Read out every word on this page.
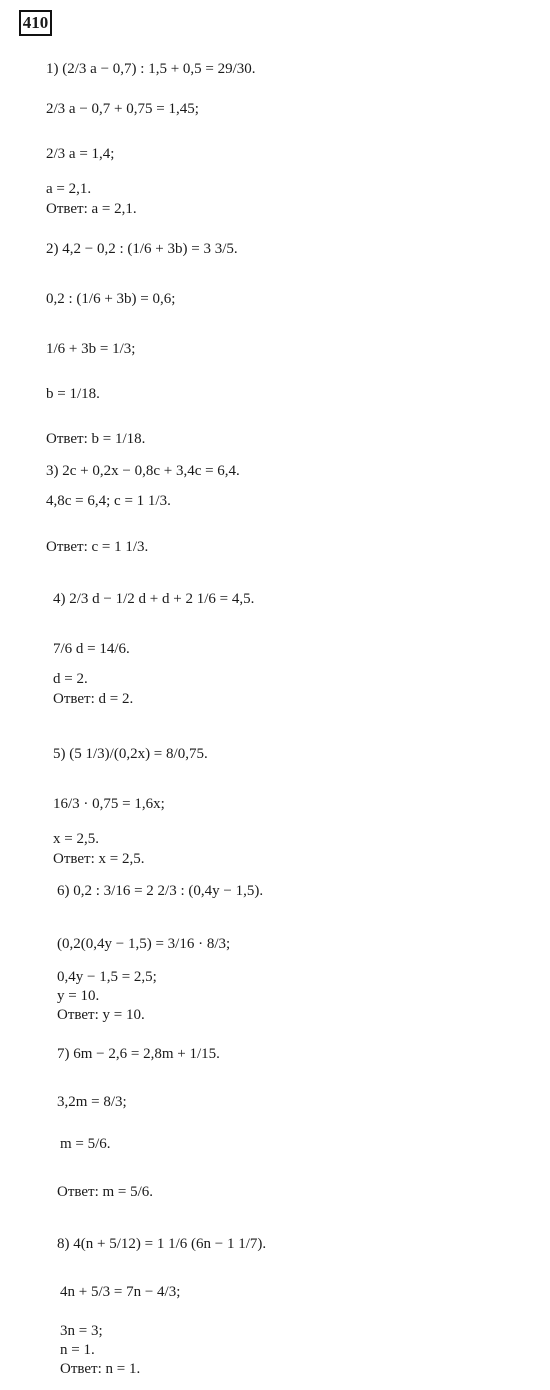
410
1) (2/3 a − 0,7) : 1,5 + 0,5 = 29/30.
2/3 a − 0,7 + 0,75 = 1,45;
2/3 a = 1,4;
a = 2,1.
Ответ: a = 2,1.
2) 4,2 − 0,2 : (1/6 + 3b) = 3 3/5.
0,2 : (1/6 + 3b) = 0,6;
1/6 + 3b = 1/3;
b = 1/18.
Ответ: b = 1/18.
3) 2c + 0,2x − 0,8c + 3,4c = 6,4.
4,8c = 6,4; c = 1 1/3.
Ответ: c = 1 1/3.
4) 2/3 d − 1/2 d + d + 2 1/6 = 4,5.
7/6 d = 14/6.
d = 2.
Ответ: d = 2.
5) (5 1/3)/(0,2x) = 8/0,75.
16/3 · 0,75 = 1,6x;
x = 2,5.
Ответ: x = 2,5.
6) 0,2 : 3/16 = 2 2/3 : (0,4y − 1,5).
(0,2(0,4y − 1,5) = 3/16 · 8/3;
0,4y − 1,5 = 2,5;
y = 10.
Ответ: y = 10.
7) 6m − 2,6 = 2,8m + 1/15.
3,2m = 8/3;
m = 5/6.
Ответ: m = 5/6.
8) 4(n + 5/12) = 1 1/6 (6n − 1 1/7).
4n + 5/3 = 7n − 4/3;
3n = 3;
n = 1.
Ответ: n = 1.
